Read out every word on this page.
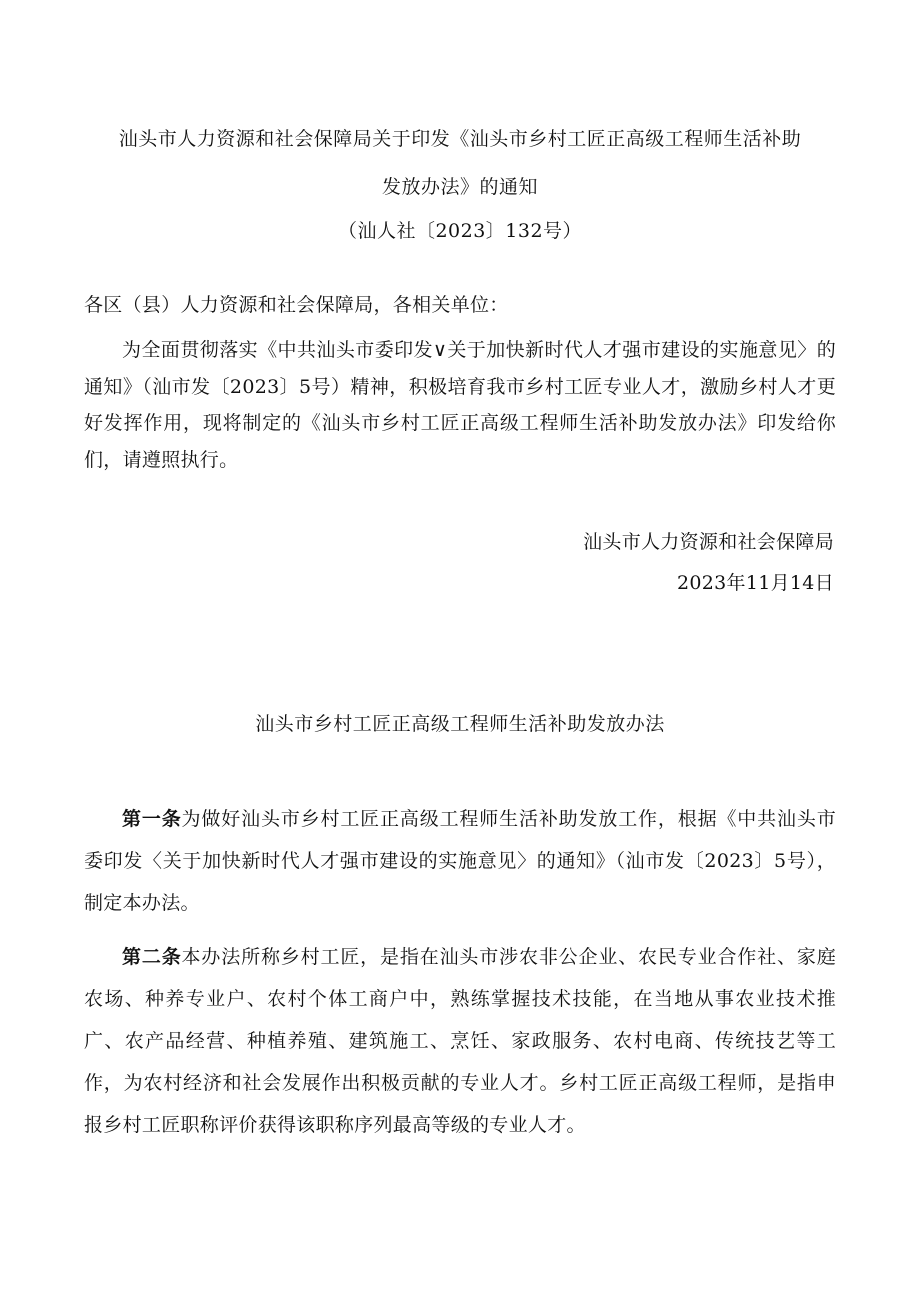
汕头市人力资源和社会保障局关于印发《汕头市乡村工匠正高级工程师生活补助
发放办法》的通知
（汕人社〔2023〕132号）

各区（县）人力资源和社会保障局，各相关单位：

为全面贯彻落实《中共汕头市委印发∨关于加快新时代人才强市建设的实施意见〉的通知》（汕市发〔2023〕5号）精神，积极培育我市乡村工匠专业人才，激励乡村人才更好发挥作用，现将制定的《汕头市乡村工匠正高级工程师生活补助发放办法》印发给你们，请遵照执行。

汕头市人力资源和社会保障局
2023年11月14日
汕头市乡村工匠正高级工程师生活补助发放办法

第一条为做好汕头市乡村工匠正高级工程师生活补助发放工作，根据《中共汕头市委印发〈关于加快新时代人才强市建设的实施意见〉的通知》（汕市发〔2023〕5号），制定本办法。

第二条本办法所称乡村工匠，是指在汕头市涉农非公企业、农民专业合作社、家庭农场、种养专业户、农村个体工商户中，熟练掌握技术技能，在当地从事农业技术推广、农产品经营、种植养殖、建筑施工、烹饪、家政服务、农村电商、传统技艺等工作，为农村经济和社会发展作出积极贡献的专业人才。乡村工匠正高级工程师，是指申报乡村工匠职称评价获得该职称序列最高等级的专业人才。
